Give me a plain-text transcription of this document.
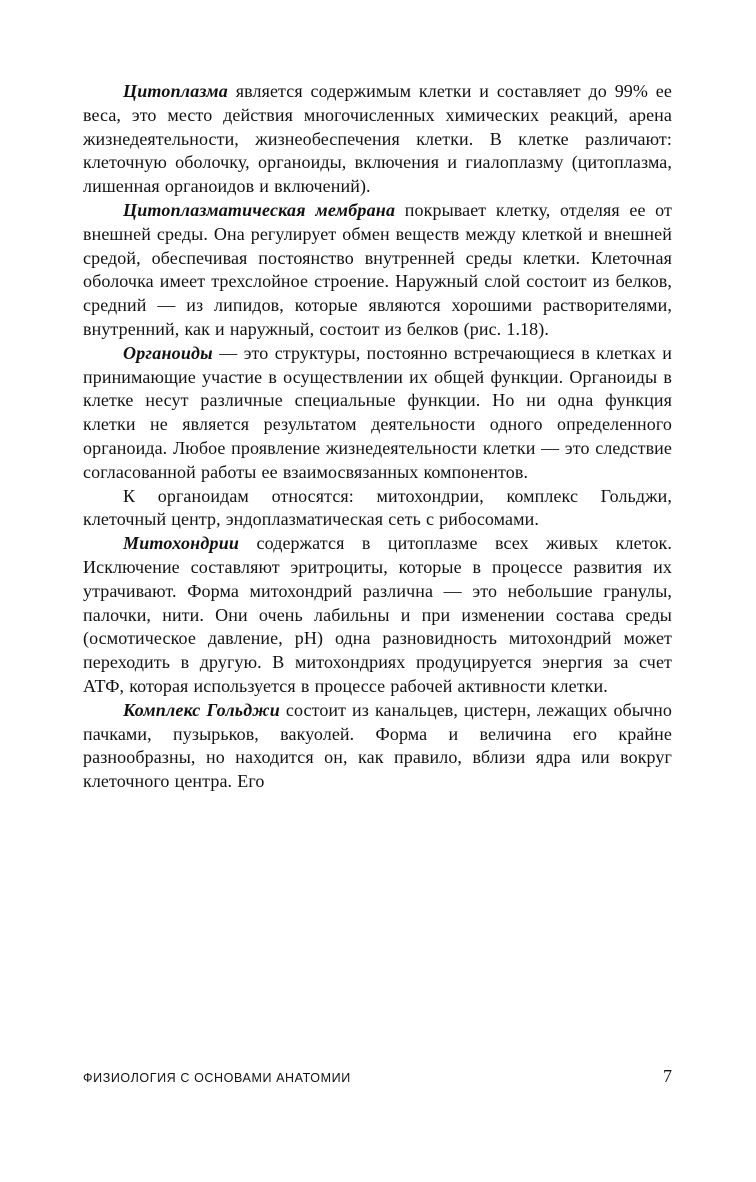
Цитоплазма является содержимым клетки и составляет до 99% ее веса, это место действия многочисленных химических реакций, арена жизнедеятельности, жизнеобеспечения клетки. В клетке различают: клеточную оболочку, органоиды, включения и гиалоплазму (цитоплазма, лишенная органоидов и включений).

Цитоплазматическая мембрана покрывает клетку, отделяя ее от внешней среды. Она регулирует обмен веществ между клеткой и внешней средой, обеспечивая постоянство внутренней среды клетки. Клеточная оболочка имеет трехслойное строение. Наружный слой состоит из белков, средний — из липидов, которые являются хорошими растворителями, внутренний, как и наружный, состоит из белков (рис. 1.18).

Органоиды — это структуры, постоянно встречающиеся в клетках и принимающие участие в осуществлении их общей функции. Органоиды в клетке несут различные специальные функции. Но ни одна функция клетки не является результатом деятельности одного определенного органоида. Любое проявление жизнедеятельности клетки — это следствие согласованной работы ее взаимосвязанных компонентов.

К органоидам относятся: митохондрии, комплекс Гольджи, клеточный центр, эндоплазматическая сеть с рибосомами.

Митохондрии содержатся в цитоплазме всех живых клеток. Исключение составляют эритроциты, которые в процессе развития их утрачивают. Форма митохондрий различна — это небольшие гранулы, палочки, нити. Они очень лабильны и при изменении состава среды (осмотическое давление, pH) одна разновидность митохондрий может переходить в другую. В митохондриях продуцируется энергия за счет АТФ, которая используется в процессе рабочей активности клетки.

Комплекс Гольджи состоит из канальцев, цистерн, лежащих обычно пачками, пузырьков, вакуолей. Форма и величина его крайне разнообразны, но находится он, как правило, вблизи ядра или вокруг клеточного центра. Его

ФИЗИОЛОГИЯ С ОСНОВАМИ АНАТОМИИ	7
